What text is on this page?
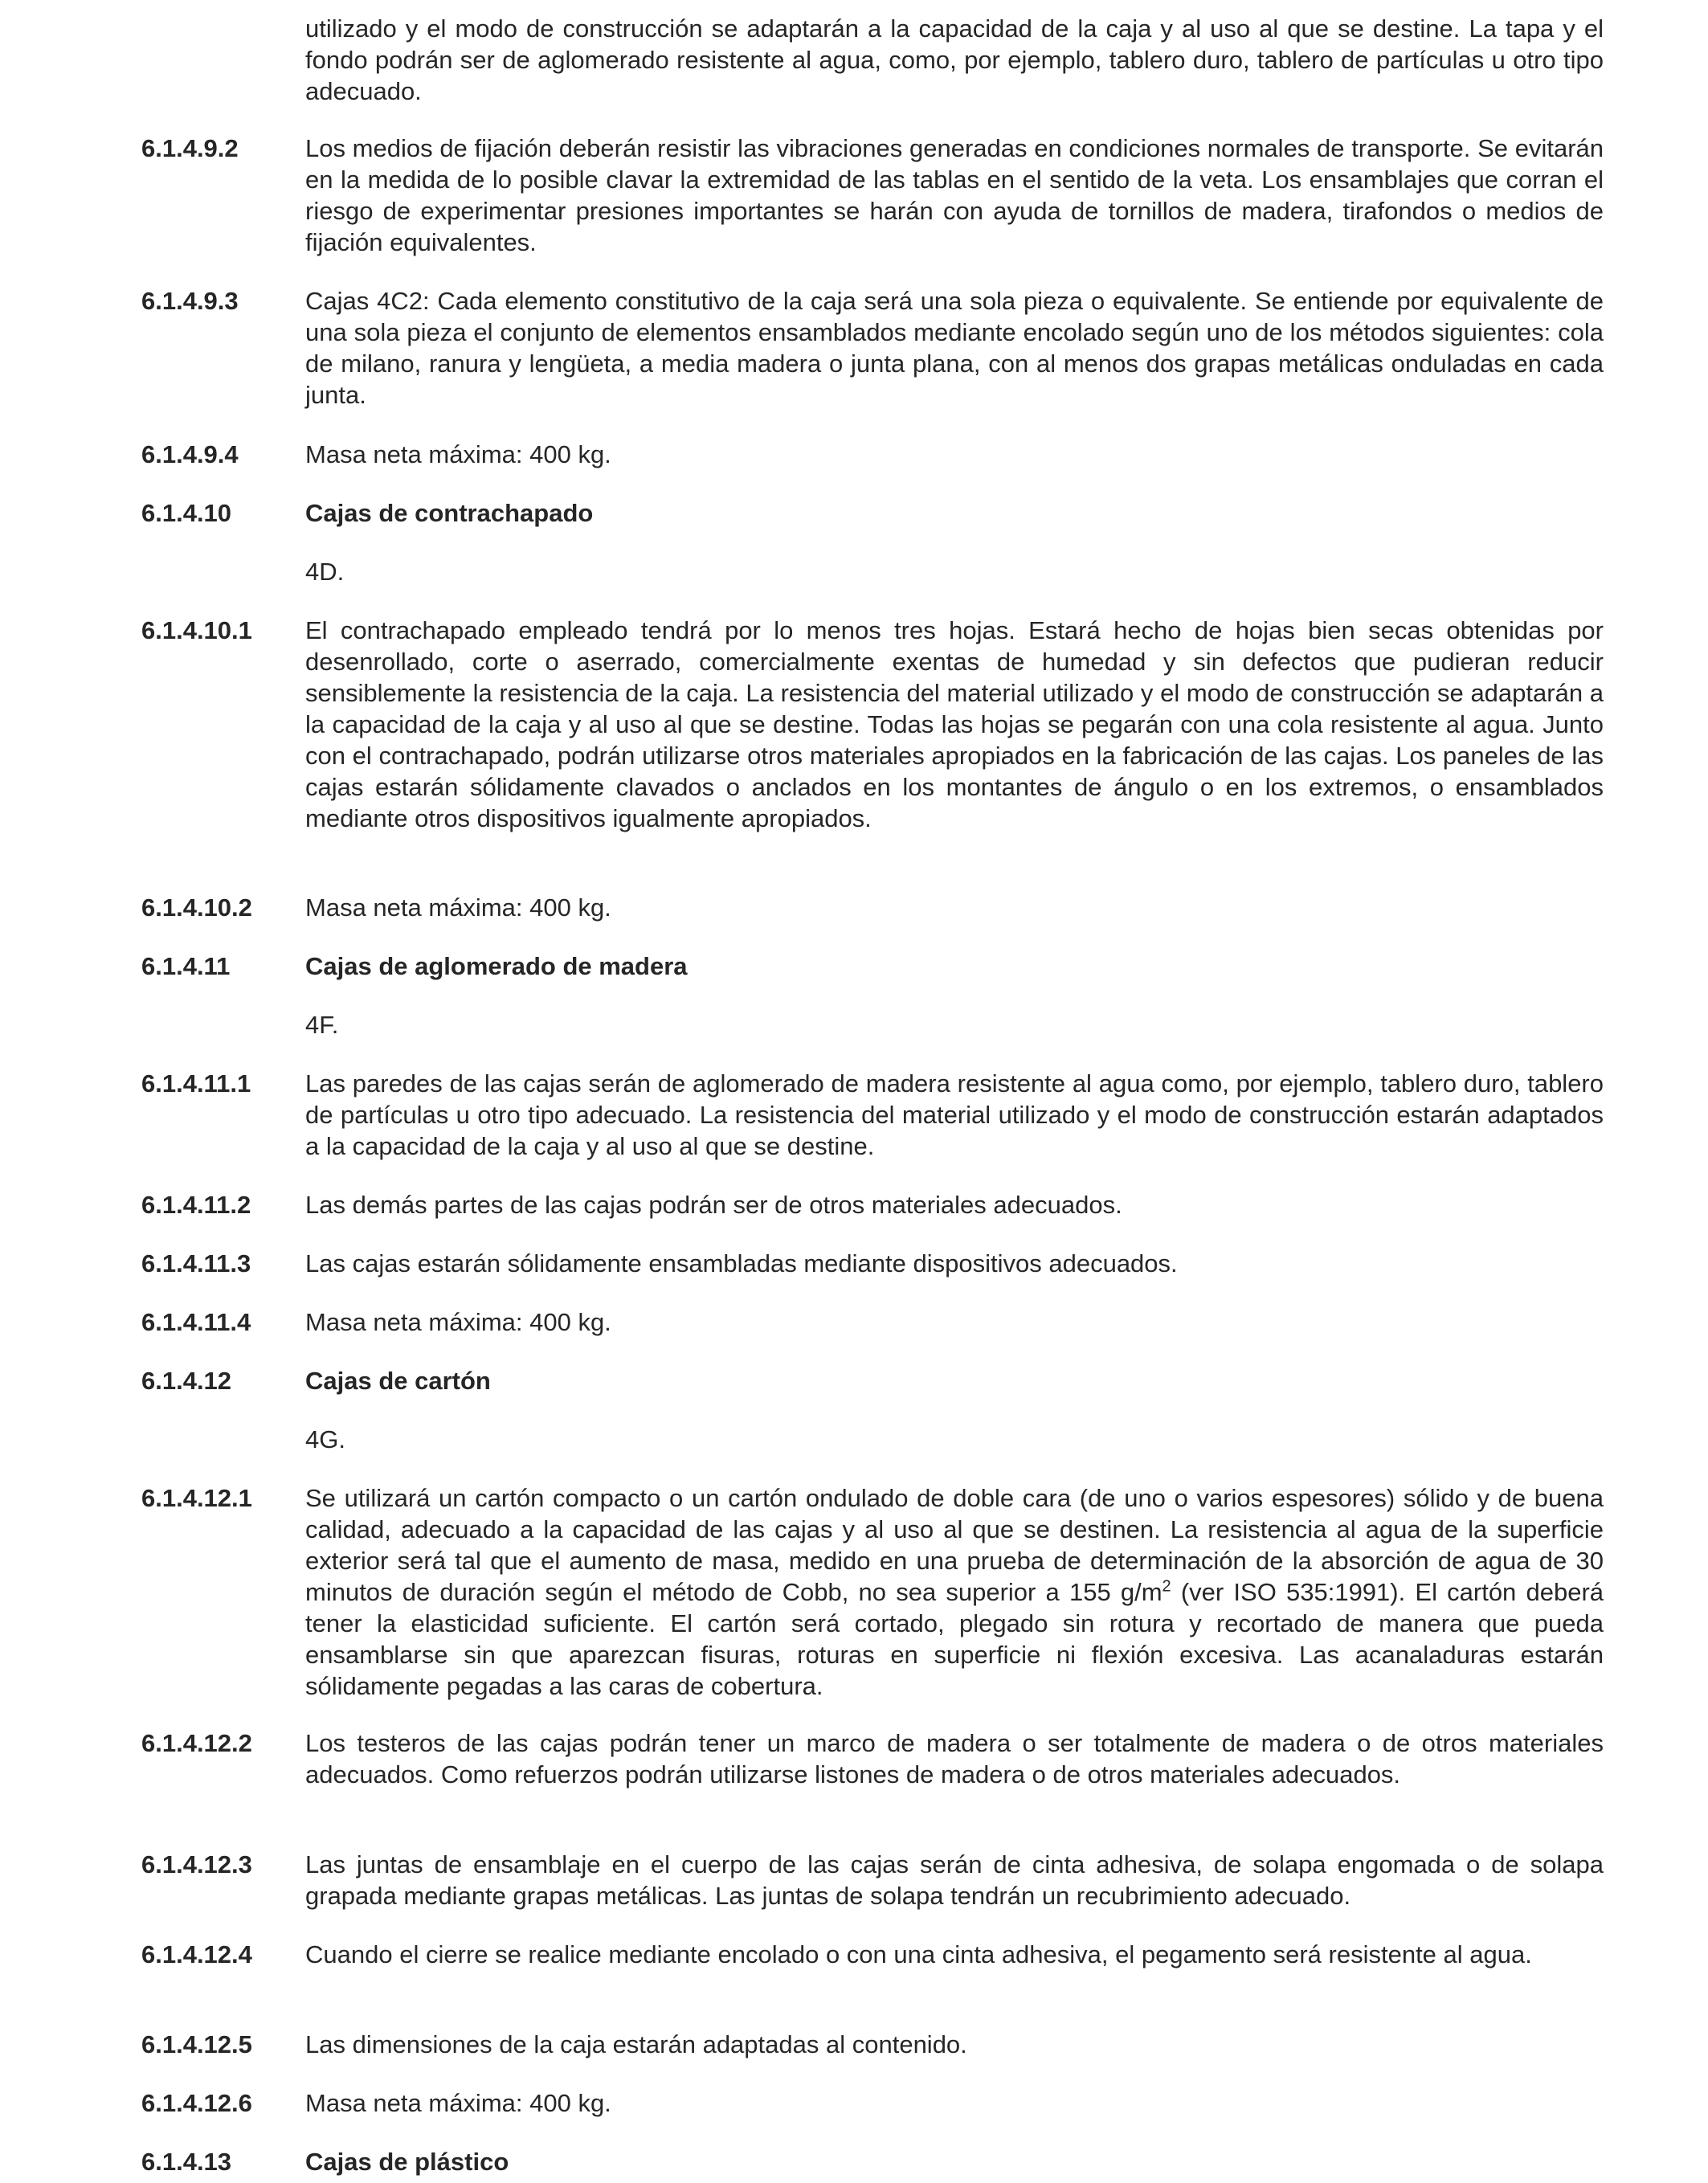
utilizado y el modo de construcción se adaptarán a la capacidad de la caja y al uso al que se destine. La tapa y el fondo podrán ser de aglomerado resistente al agua, como, por ejemplo, tablero duro, tablero de partículas u otro tipo adecuado.
6.1.4.9.2	Los medios de fijación deberán resistir las vibraciones generadas en condiciones normales de transporte. Se evitarán en la medida de lo posible clavar la extremidad de las tablas en el sentido de la veta. Los ensamblajes que corran el riesgo de experimentar presiones importantes se harán con ayuda de tornillos de madera, tirafondos o medios de fijación equivalentes.
6.1.4.9.3	Cajas 4C2: Cada elemento constitutivo de la caja será una sola pieza o equivalente. Se entiende por equivalente de una sola pieza el conjunto de elementos ensamblados mediante encolado según uno de los métodos siguientes: cola de milano, ranura y lengüeta, a media madera o junta plana, con al menos dos grapas metálicas onduladas en cada junta.
6.1.4.9.4	Masa neta máxima: 400 kg.
6.1.4.10	Cajas de contrachapado
4D.
6.1.4.10.1	El contrachapado empleado tendrá por lo menos tres hojas. Estará hecho de hojas bien secas obtenidas por desenrollado, corte o aserrado, comercialmente exentas de humedad y sin defectos que pudieran reducir sensiblemente la resistencia de la caja. La resistencia del material utilizado y el modo de construcción se adaptarán a la capacidad de la caja y al uso al que se destine. Todas las hojas se pegarán con una cola resistente al agua. Junto con el contrachapado, podrán utilizarse otros materiales apropiados en la fabricación de las cajas. Los paneles de las cajas estarán sólidamente clavados o anclados en los montantes de ángulo o en los extremos, o ensamblados mediante otros dispositivos igualmente apropiados.
6.1.4.10.2	Masa neta máxima: 400 kg.
6.1.4.11	Cajas de aglomerado de madera
4F.
6.1.4.11.1	Las paredes de las cajas serán de aglomerado de madera resistente al agua como, por ejemplo, tablero duro, tablero de partículas u otro tipo adecuado. La resistencia del material utilizado y el modo de construcción estarán adaptados a la capacidad de la caja y al uso al que se destine.
6.1.4.11.2	Las demás partes de las cajas podrán ser de otros materiales adecuados.
6.1.4.11.3	Las cajas estarán sólidamente ensambladas mediante dispositivos adecuados.
6.1.4.11.4	Masa neta máxima: 400 kg.
6.1.4.12	Cajas de cartón
4G.
6.1.4.12.1	Se utilizará un cartón compacto o un cartón ondulado de doble cara (de uno o varios espesores) sólido y de buena calidad, adecuado a la capacidad de las cajas y al uso al que se destinen. La resistencia al agua de la superficie exterior será tal que el aumento de masa, medido en una prueba de determinación de la absorción de agua de 30 minutos de duración según el método de Cobb, no sea superior a 155 $g/m^2$ (ver ISO 535:1991). El cartón deberá tener la elasticidad suficiente. El cartón será cortado, plegado sin rotura y recortado de manera que pueda ensamblarse sin que aparezcan fisuras, roturas en superficie ni flexión excesiva. Las acanaladuras estarán sólidamente pegadas a las caras de cobertura.
6.1.4.12.2	Los testeros de las cajas podrán tener un marco de madera o ser totalmente de madera o de otros materiales adecuados. Como refuerzos podrán utilizarse listones de madera o de otros materiales adecuados.
6.1.4.12.3	Las juntas de ensamblaje en el cuerpo de las cajas serán de cinta adhesiva, de solapa engomada o de solapa grapada mediante grapas metálicas. Las juntas de solapa tendrán un recubrimiento adecuado.
6.1.4.12.4	Cuando el cierre se realice mediante encolado o con una cinta adhesiva, el pegamento será resistente al agua.
6.1.4.12.5	Las dimensiones de la caja estarán adaptadas al contenido.
6.1.4.12.6	Masa neta máxima: 400 kg.
6.1.4.13	Cajas de plástico
